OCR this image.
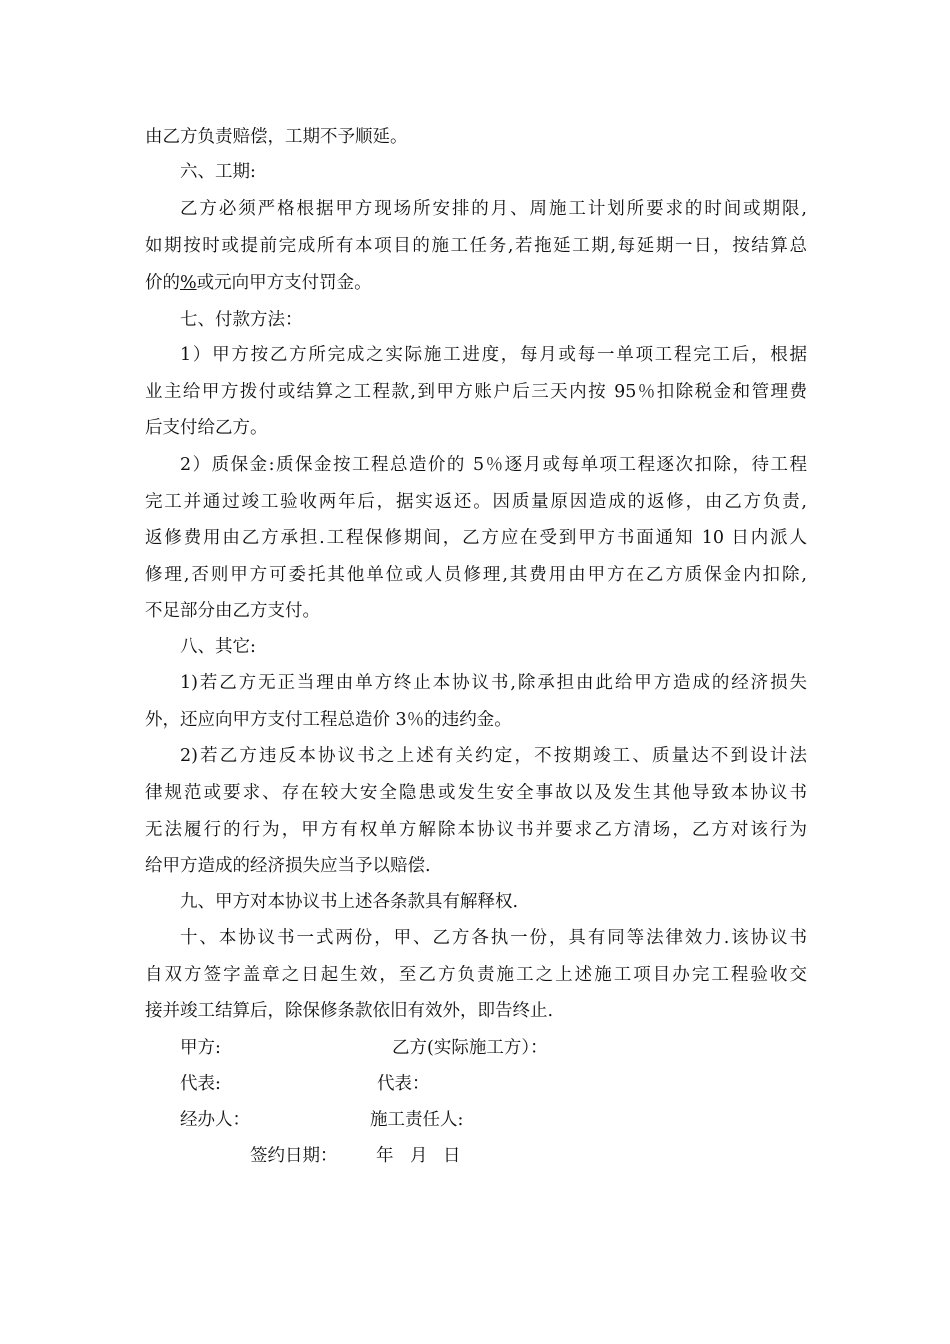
由乙方负责赔偿，工期不予顺延。
六、工期:
乙方必须严格根据甲方现场所安排的月、周施工计划所要求的时间或期限,
如期按时或提前完成所有本项目的施工任务,若拖延工期,每延期一日，按结算总
价的%或元向甲方支付罚金。
七、付款方法：
1）甲方按乙方所完成之实际施工进度，每月或每一单项工程完工后，根据
业主给甲方拨付或结算之工程款,到甲方账户后三天内按 95％扣除税金和管理费
后支付给乙方。
2）质保金:质保金按工程总造价的 5％逐月或每单项工程逐次扣除，待工程
完工并通过竣工验收两年后，据实返还。因质量原因造成的返修，由乙方负责,
返修费用由乙方承担.工程保修期间，乙方应在受到甲方书面通知 10 日内派人
修理,否则甲方可委托其他单位或人员修理,其费用由甲方在乙方质保金内扣除,
不足部分由乙方支付。
八、其它:
1)若乙方无正当理由单方终止本协议书,除承担由此给甲方造成的经济损失
外，还应向甲方支付工程总造价 3％的违约金。
2)若乙方违反本协议书之上述有关约定，不按期竣工、质量达不到设计法
律规范或要求、存在较大安全隐患或发生安全事故以及发生其他导致本协议书
无法履行的行为，甲方有权单方解除本协议书并要求乙方清场，乙方对该行为
给甲方造成的经济损失应当予以赔偿.
九、甲方对本协议书上述各条款具有解释权.
十、本协议书一式两份，甲、乙方各执一份，具有同等法律效力.该协议书
自双方签字盖章之日起生效，至乙方负责施工之上述施工项目办完工程验收交
接并竣工结算后，除保修条款依旧有效外，即告终止.
甲方:	乙方(实际施工方）：
代表:	代表：
经办人：	施工责任人:
签约日期： 年 月 日
